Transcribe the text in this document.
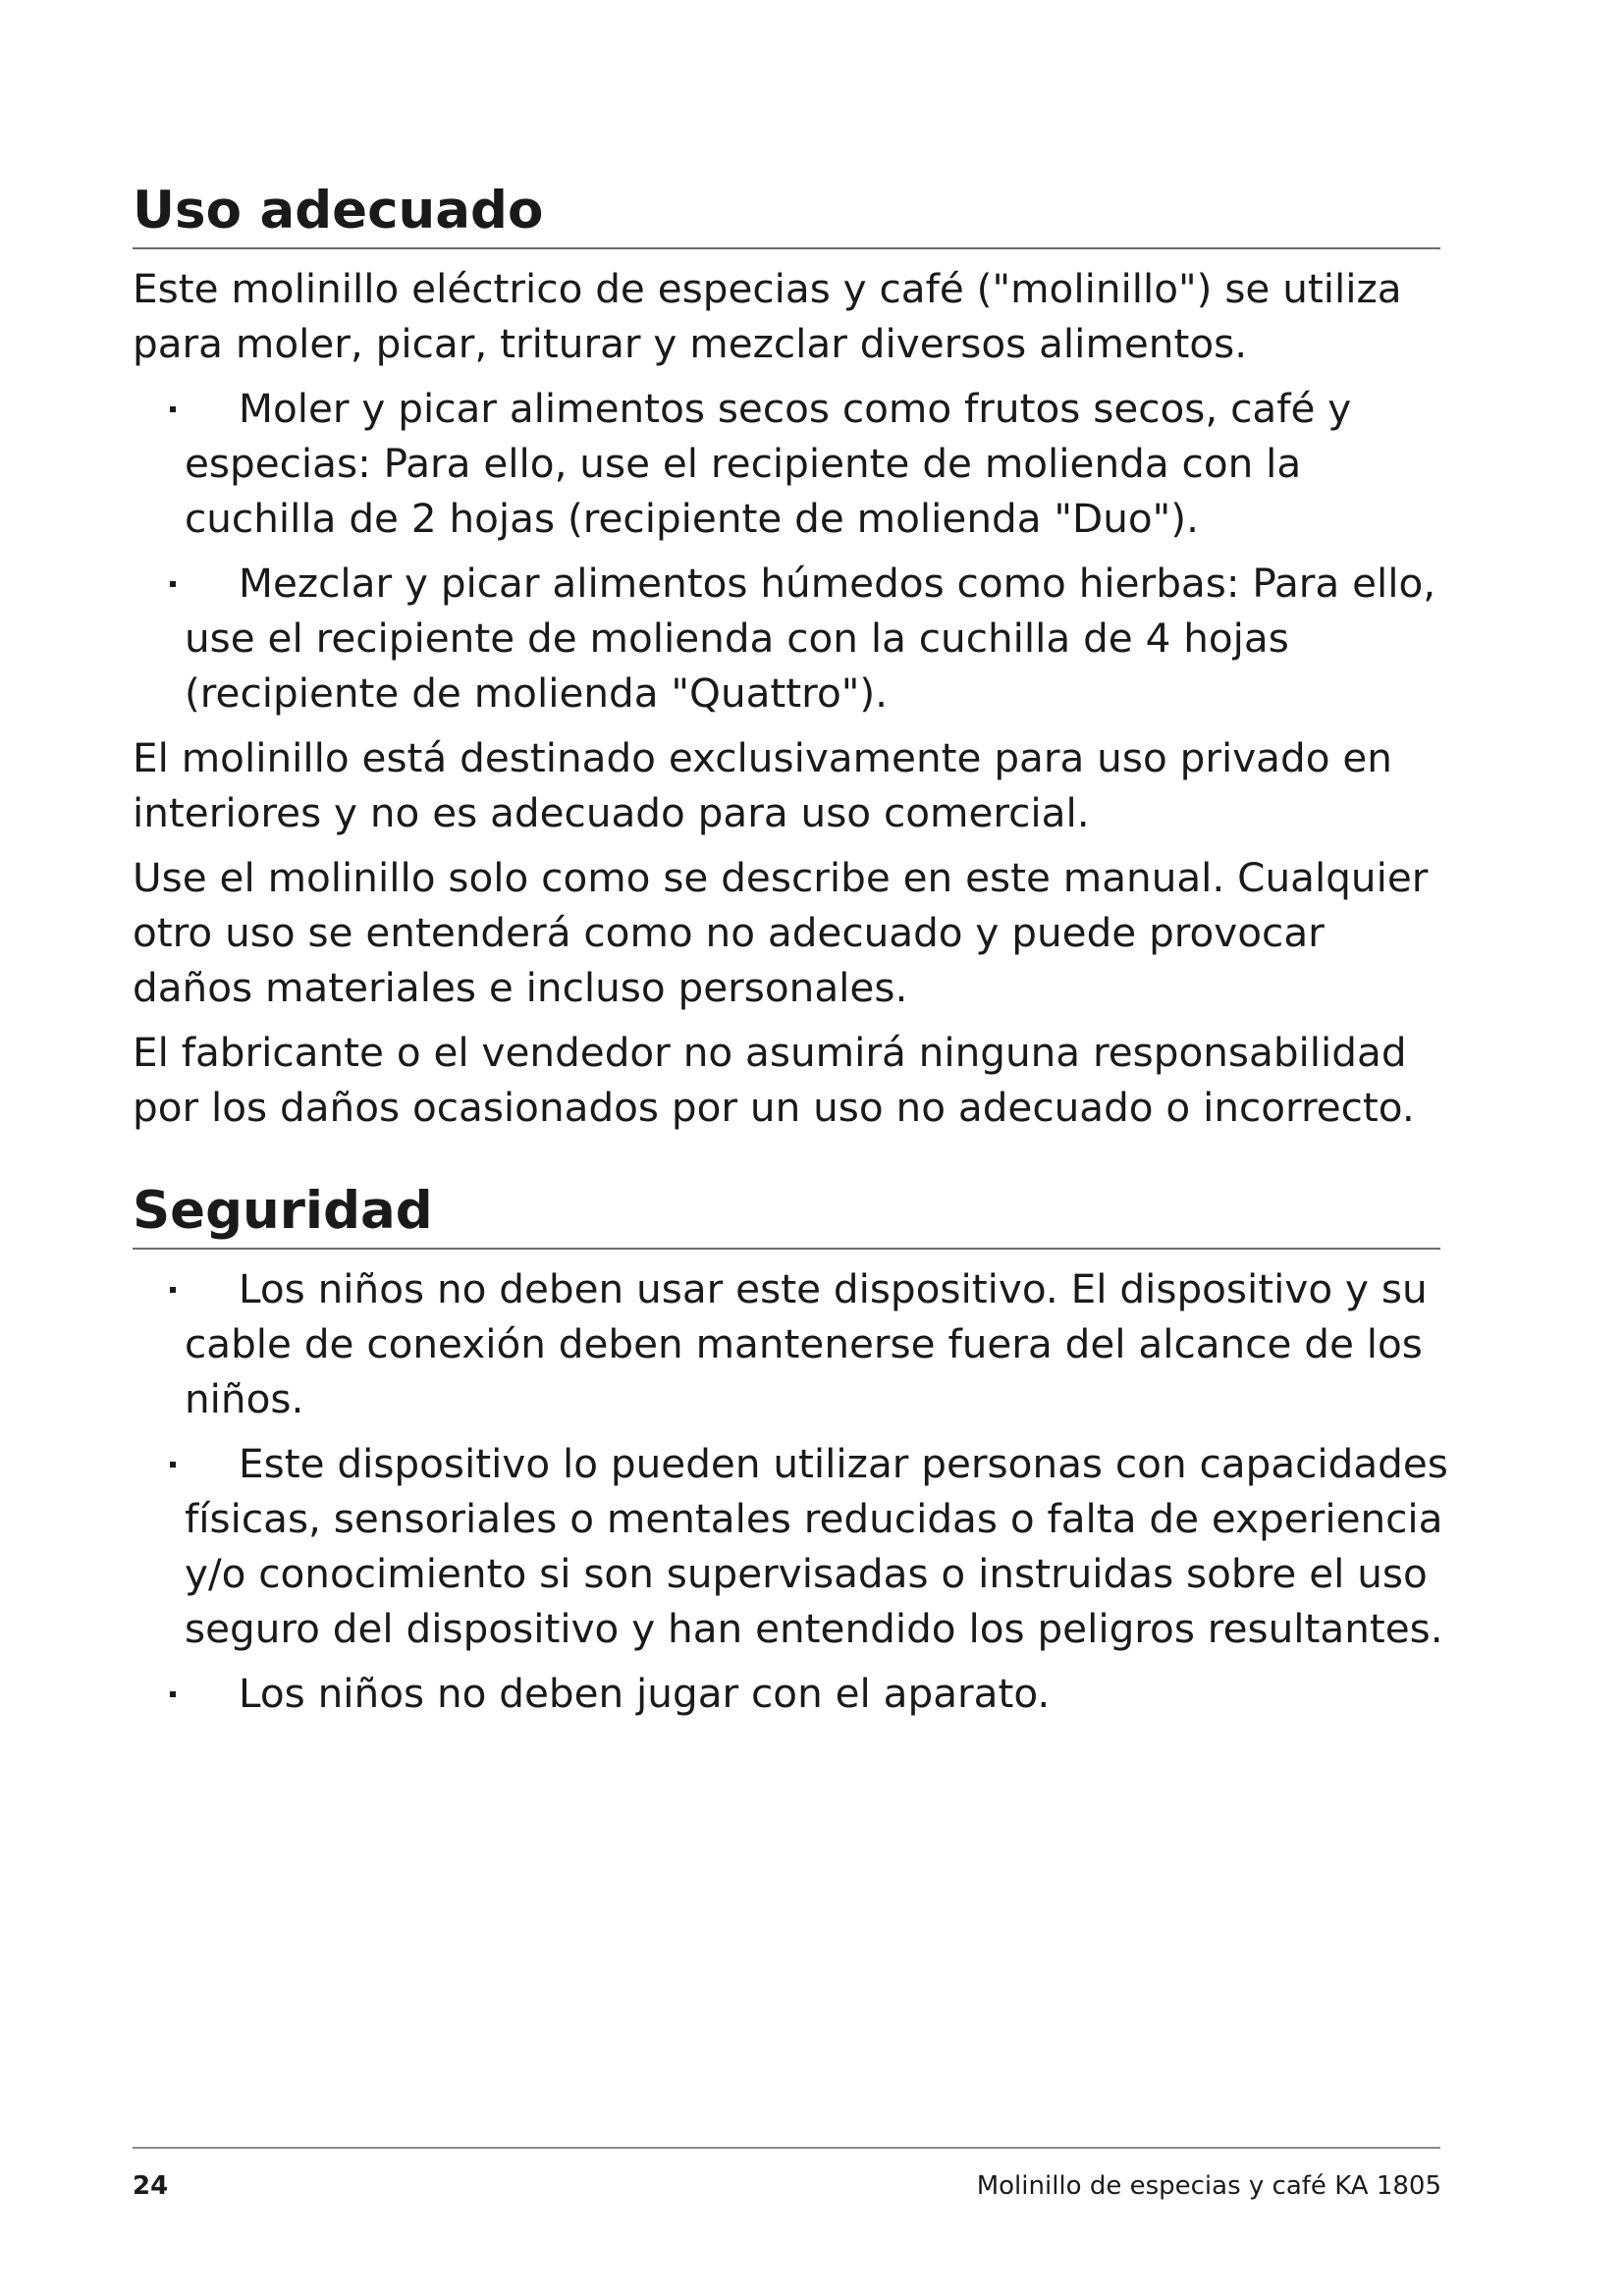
Uso adecuado

Este molinillo eléctrico de especias y café ("molinillo") se utiliza para moler, picar, triturar y mezclar diversos alimentos.

Moler y picar alimentos secos como frutos secos, café y especias: Para ello, use el recipiente de molienda con la cuchilla de 2 hojas (recipiente de molienda "Duo").
Mezclar y picar alimentos húmedos como hierbas: Para ello, use el recipiente de molienda con la cuchilla de 4 hojas (recipiente de molienda "Quattro").

El molinillo está destinado exclusivamente para uso privado en interiores y no es adecuado para uso comercial.

Use el molinillo solo como se describe en este manual. Cualquier otro uso se entenderá como no adecuado y puede provocar daños materiales e incluso personales.

El fabricante o el vendedor no asumirá ninguna responsabilidad por los daños ocasionados por un uso no adecuado o incorrecto.

Seguridad
Los niños no deben usar este dispositivo. El dispositivo y su cable de conexión deben mantenerse fuera del alcance de los niños.
Este dispositivo lo pueden utilizar personas con capacidades físicas, sensoriales o mentales reducidas o falta de experiencia y/o conocimiento si son supervisadas o instruidas sobre el uso seguro del dispositivo y han entendido los peligros resultantes.
Los niños no deben jugar con el aparato.
24	Molinillo de especias y café KA 1805
